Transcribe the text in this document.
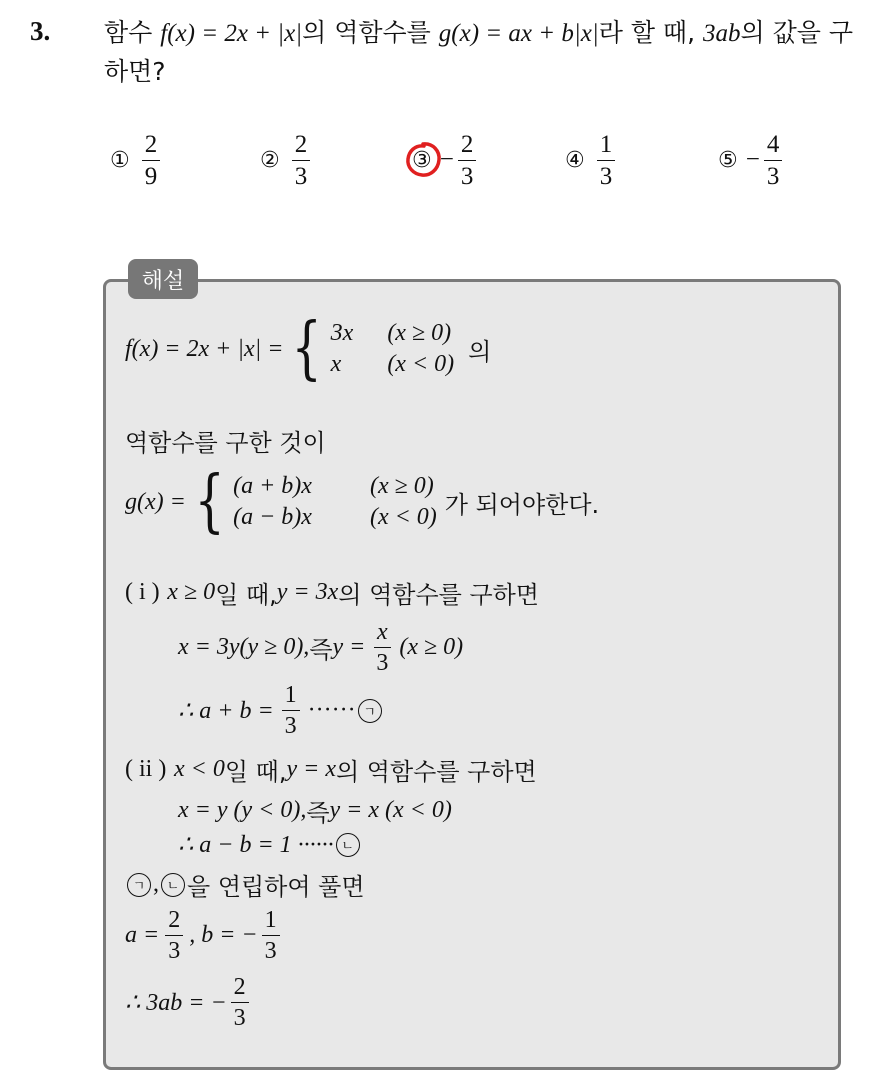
3. 함수 f(x) = 2x + |x|의 역함수를 g(x) = ax + b|x|라 할 때, 3ab의 값을 구하면?
① $\frac{2}{9}$	② $\frac{2}{3}$	③ − $\frac{2}{3}$	④ $\frac{1}{3}$	⑤ − $\frac{4}{3}$
해설
f(x) = 2x + |x| = { 3x (x ≥ 0)
x	(x < 0) 의
역함수를 구한 것이
g(x) = { (a + b)x (x ≥ 0)
(a − b)x (x < 0) 가 되어야한다.
( i )
x ≥ 0 일 때, y = 3x 의 역함수를 구하면
x = 3y(y ≥ 0), 즉 $y = \frac{x}{3} (x \ge 0)$
∴ $a + b = \frac{1}{3}$ ······ ㄱ
( ii )
x < 0 일 때, y = x 의 역함수를 구하면
x = y (y < 0), 즉 y = x (x < 0)
∴ a − b = 1 ······ ㄴ
ㄱ , ㄴ 을 연립하여 풀면
$a = \frac{2}{3}$ , b = − $\frac{1}{3}$
∴ 3ab = − $\frac{2}{3}$
